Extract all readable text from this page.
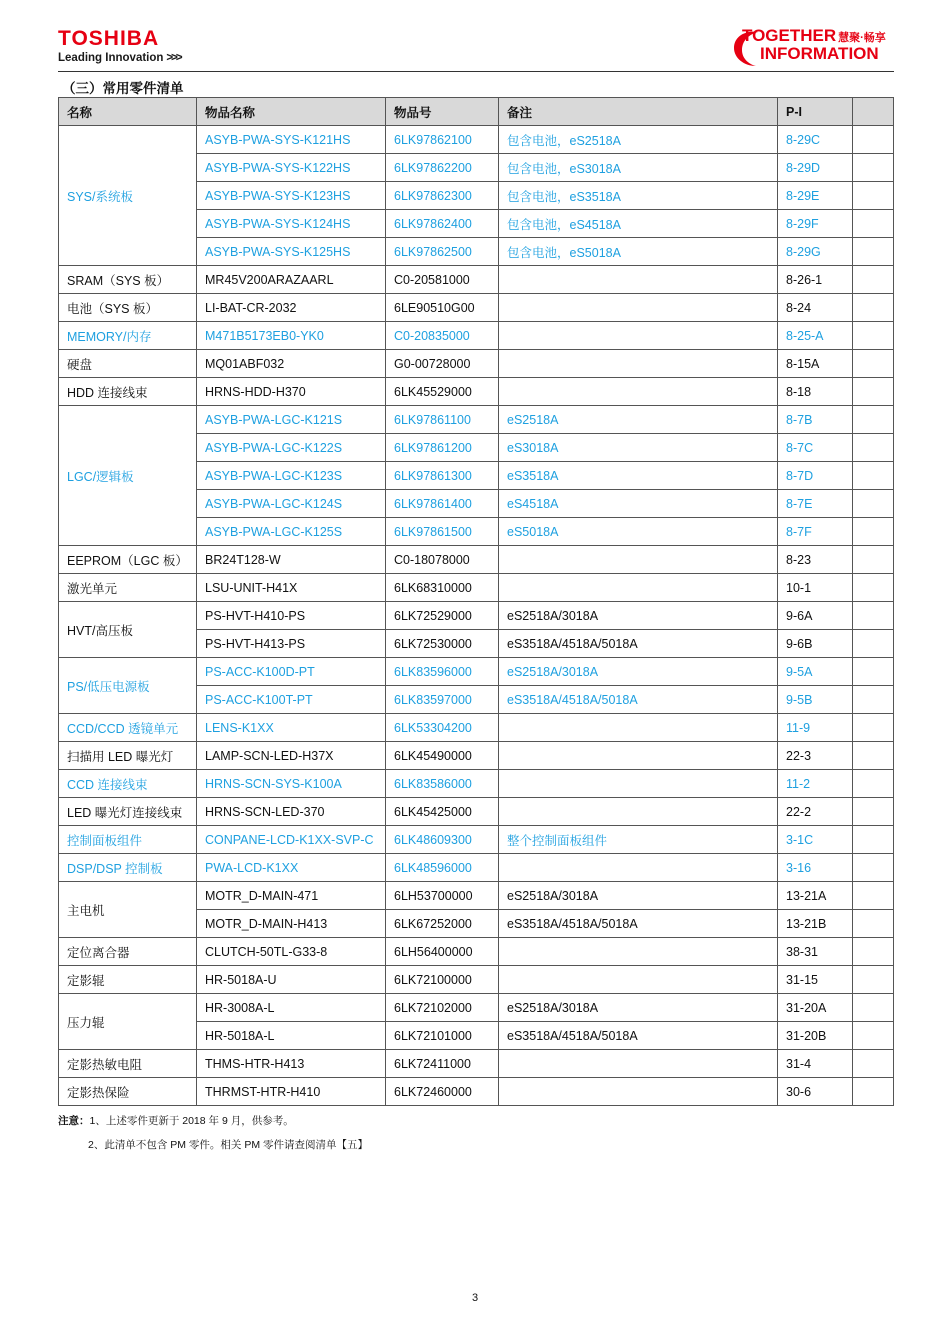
TOSHIBA
Leading Innovation >>>
TOGETHER 慧聚·畅享
INFORMATION
（三）常用零件清单
名称	物品名称	物品号	备注	P-I	
SYS/系统板	ASYB-PWA-SYS-K121HS	6LK97862100	包含电池，eS2518A	8-29C	
	ASYB-PWA-SYS-K122HS	6LK97862200	包含电池，eS3018A	8-29D	
	ASYB-PWA-SYS-K123HS	6LK97862300	包含电池，eS3518A	8-29E	
	ASYB-PWA-SYS-K124HS	6LK97862400	包含电池，eS4518A	8-29F	
	ASYB-PWA-SYS-K125HS	6LK97862500	包含电池，eS5018A	8-29G	
SRAM（SYS 板）	MR45V200ARAZAARL	C0-20581000		8-26-1	
电池（SYS 板）	LI-BAT-CR-2032	6LE90510G00		8-24	
MEMORY/内存	M471B5173EB0-YK0	C0-20835000		8-25-A	
硬盘	MQ01ABF032	G0-00728000		8-15A	
HDD 连接线束	HRNS-HDD-H370	6LK45529000		8-18	
LGC/逻辑板	ASYB-PWA-LGC-K121S	6LK97861100	eS2518A	8-7B	
	ASYB-PWA-LGC-K122S	6LK97861200	eS3018A	8-7C	
	ASYB-PWA-LGC-K123S	6LK97861300	eS3518A	8-7D	
	ASYB-PWA-LGC-K124S	6LK97861400	eS4518A	8-7E	
	ASYB-PWA-LGC-K125S	6LK97861500	eS5018A	8-7F	
EEPROM（LGC 板）	BR24T128-W	C0-18078000		8-23	
激光单元	LSU-UNIT-H41X	6LK68310000		10-1	
HVT/高压板	PS-HVT-H410-PS	6LK72529000	eS2518A/3018A	9-6A	
	PS-HVT-H413-PS	6LK72530000	eS3518A/4518A/5018A	9-6B	
PS/低压电源板	PS-ACC-K100D-PT	6LK83596000	eS2518A/3018A	9-5A	
	PS-ACC-K100T-PT	6LK83597000	eS3518A/4518A/5018A	9-5B	
CCD/CCD 透镜单元	LENS-K1XX	6LK53304200		11-9	
扫描用 LED 曝光灯	LAMP-SCN-LED-H37X	6LK45490000		22-3	
CCD 连接线束	HRNS-SCN-SYS-K100A	6LK83586000		11-2	
LED 曝光灯连接线束	HRNS-SCN-LED-370	6LK45425000		22-2	
控制面板组件	CONPANE-LCD-K1XX-SVP-C	6LK48609300	整个控制面板组件	3-1C	
DSP/DSP 控制板	PWA-LCD-K1XX	6LK48596000		3-16	
主电机	MOTR_D-MAIN-471	6LH53700000	eS2518A/3018A	13-21A	
	MOTR_D-MAIN-H413	6LK67252000	eS3518A/4518A/5018A	13-21B	
定位离合器	CLUTCH-50TL-G33-8	6LH56400000		38-31	
定影辊	HR-5018A-U	6LK72100000		31-15	
压力辊	HR-3008A-L	6LK72102000	eS2518A/3018A	31-20A	
	HR-5018A-L	6LK72101000	eS3518A/4518A/5018A	31-20B	
定影热敏电阻	THMS-HTR-H413	6LK72411000		31-4	
定影热保险	THRMST-HTR-H410	6LK72460000		30-6	
注意：1、上述零件更新于 2018 年 9 月，供参考。
2、此清单不包含 PM 零件。相关 PM 零件请查阅清单【五】
3
